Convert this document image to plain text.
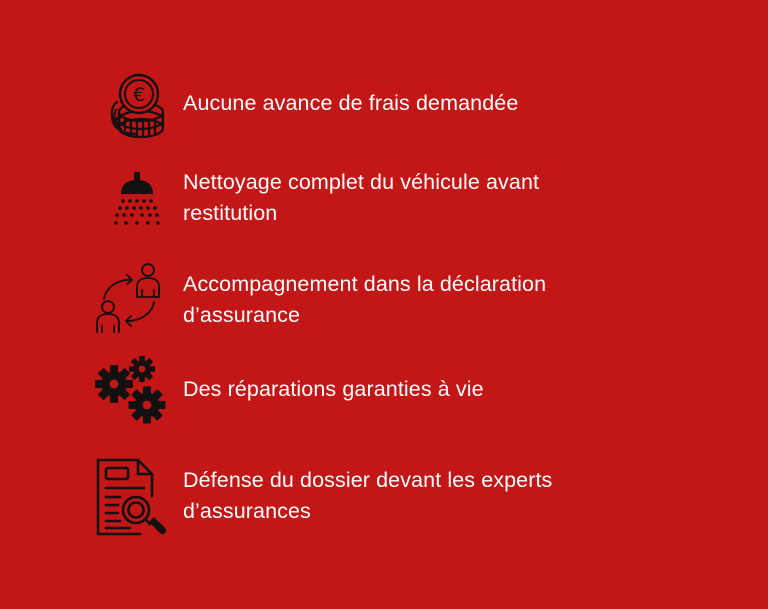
€ Aucune avance de frais demandée
Nettoyage complet du véhicule avant restitution
Accompagnement dans la déclaration d’assurance
Des réparations garanties à vie
Défense du dossier devant les experts d’assurances
